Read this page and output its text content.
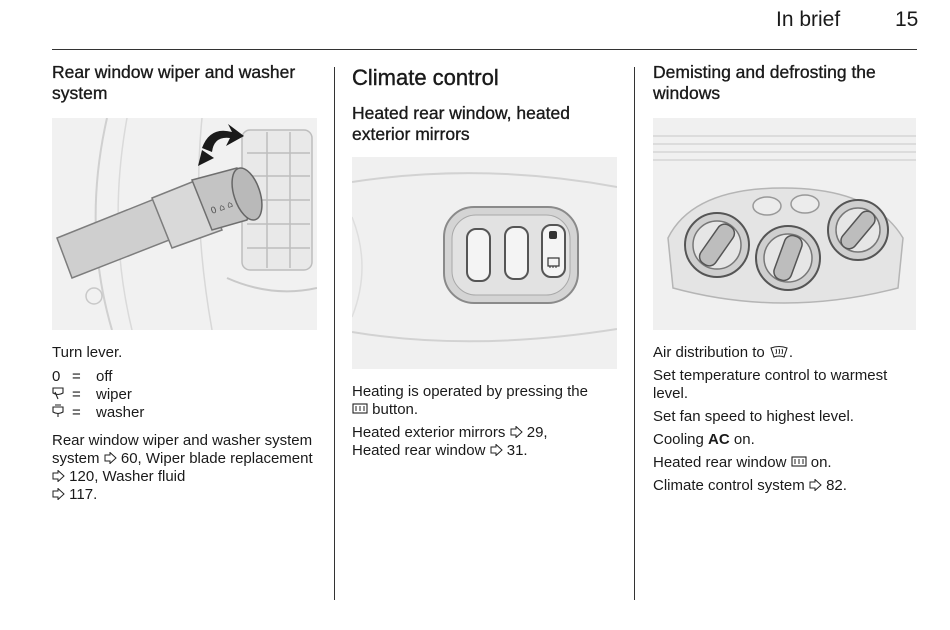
In brief	15
Rear window wiper and washer system
0 ⌂ ⌂

Turn lever.

0 =	off
=	wiper
=	washer

Rear window wiper and washer system
system  60, Wiper blade replacement  120, Washer fluid
117.

Climate control
Heated rear window, heated exterior mirrors

Heating is operated by pressing the
button.

Heated exterior mirrors 29,
Heated rear window 31.

Demisting and defrosting the windows

Air distribution to .

Set temperature control to warmest level.

Set fan speed to highest level.

Cooling AC on.

Heated rear window on.

Climate control system 82.
